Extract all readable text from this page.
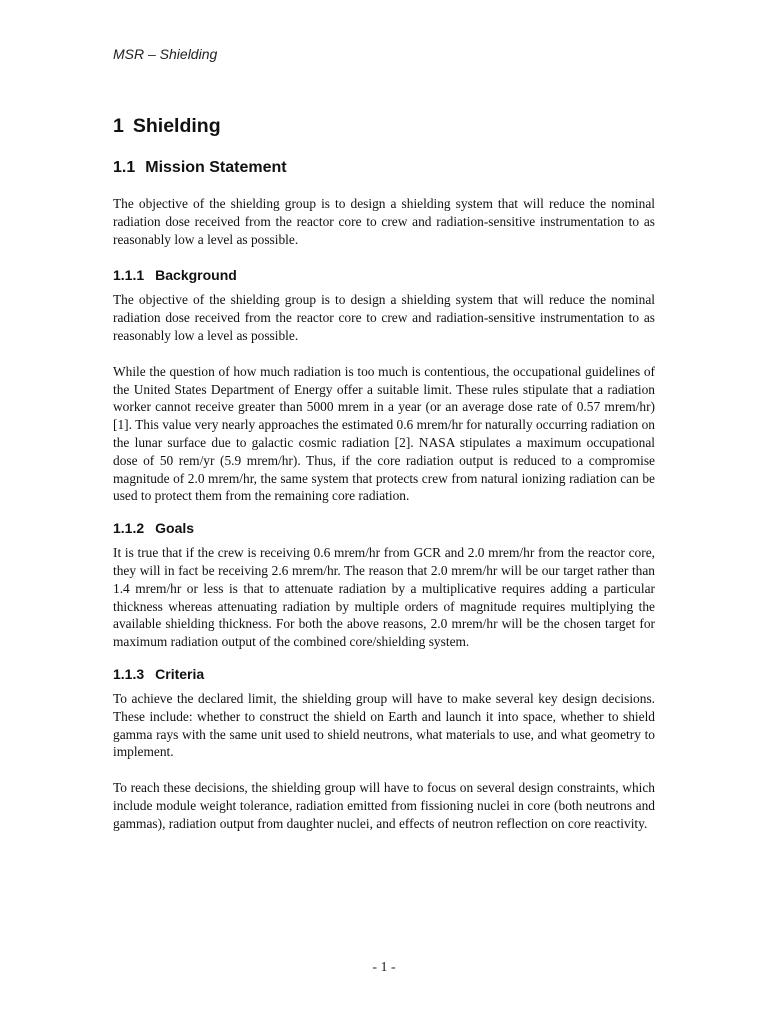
MSR – Shielding
1 Shielding
1.1 Mission Statement

The objective of the shielding group is to design a shielding system that will reduce the nominal radiation dose received from the reactor core to crew and radiation-sensitive instrumentation to as reasonably low a level as possible.

1.1.1 Background

The objective of the shielding group is to design a shielding system that will reduce the nominal radiation dose received from the reactor core to crew and radiation-sensitive instrumentation to as reasonably low a level as possible.

While the question of how much radiation is too much is contentious, the occupational guidelines of the United States Department of Energy offer a suitable limit. These rules stipulate that a radiation worker cannot receive greater than 5000 mrem in a year (or an average dose rate of 0.57 mrem/hr) [1]. This value very nearly approaches the estimated 0.6 mrem/hr for naturally occurring radiation on the lunar surface due to galactic cosmic radiation [2]. NASA stipulates a maximum occupational dose of 50 rem/yr (5.9 mrem/hr). Thus, if the core radiation output is reduced to a compromise magnitude of 2.0 mrem/hr, the same system that protects crew from natural ionizing radiation can be used to protect them from the remaining core radiation.

1.1.2 Goals

It is true that if the crew is receiving 0.6 mrem/hr from GCR and 2.0 mrem/hr from the reactor core, they will in fact be receiving 2.6 mrem/hr. The reason that 2.0 mrem/hr will be our target rather than 1.4 mrem/hr or less is that to attenuate radiation by a multiplicative requires adding a particular thickness whereas attenuating radiation by multiple orders of magnitude requires multiplying the available shielding thickness. For both the above reasons, 2.0 mrem/hr will be the chosen target for maximum radiation output of the combined core/shielding system.

1.1.3 Criteria

To achieve the declared limit, the shielding group will have to make several key design decisions. These include: whether to construct the shield on Earth and launch it into space, whether to shield gamma rays with the same unit used to shield neutrons, what materials to use, and what geometry to implement.

To reach these decisions, the shielding group will have to focus on several design constraints, which include module weight tolerance, radiation emitted from fissioning nuclei in core (both neutrons and gammas), radiation output from daughter nuclei, and effects of neutron reflection on core reactivity.

- 1 -
